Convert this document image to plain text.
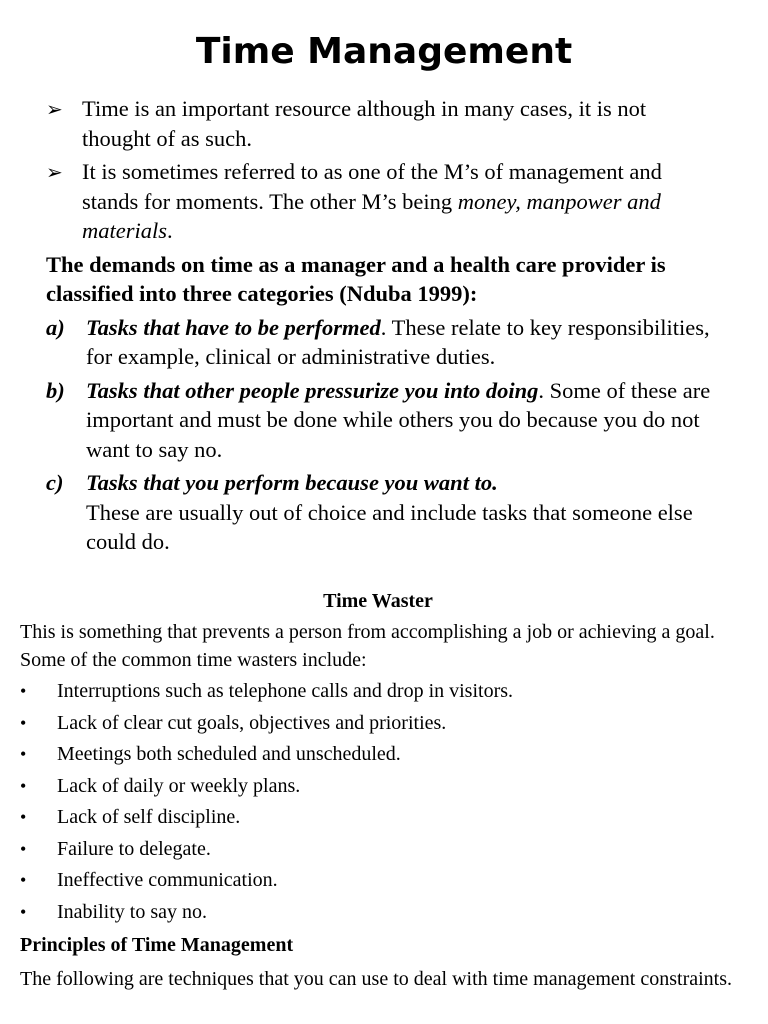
Time Management
➢ Time is an important resource although in many cases, it is not thought of as such.
➢ It is sometimes referred to as one of the M’s of management and stands for moments. The other M’s being money, manpower and materials.
The demands on time as a manager and a health care provider is classified into three categories (Nduba 1999):
a) Tasks that have to be performed. These relate to key responsibilities, for example, clinical or administrative duties.
b) Tasks that other people pressurize you into doing. Some of these are important and must be done while others you do because you do not want to say no.
c) Tasks that you perform because you want to.
These are usually out of choice and include tasks that someone else could do.
Time Waster
This is something that prevents a person from accomplishing a job or achieving a goal. Some of the common time wasters include:
• Interruptions such as telephone calls and drop in visitors.
• Lack of clear cut goals, objectives and priorities.
• Meetings both scheduled and unscheduled.
• Lack of daily or weekly plans.
• Lack of self discipline.
• Failure to delegate.
• Ineffective communication.
• Inability to say no.
Principles of Time Management
The following are techniques that you can use to deal with time management constraints.
